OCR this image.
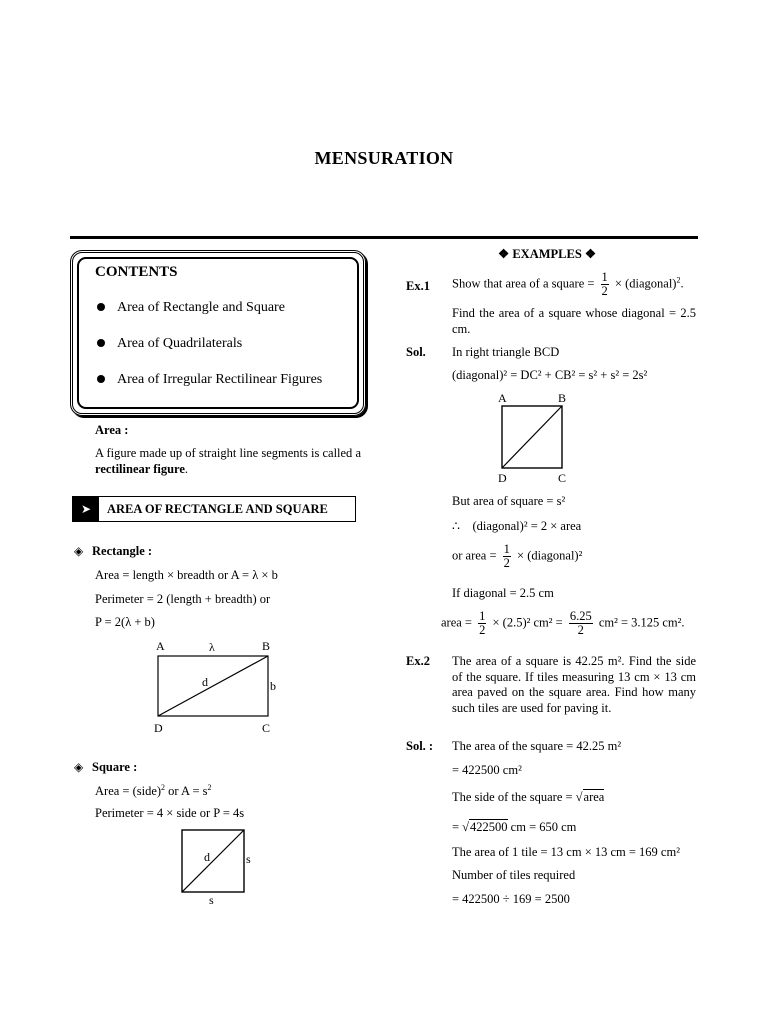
MENSURATION
CONTENTS
Area of Rectangle and Square
Area of Quadrilaterals
Area of Irregular Rectilinear Figures
Area :
A figure made up of straight line segments is called a rectilinear figure.
➤	AREA OF RECTANGLE AND SQUARE
◈ Rectangle :
Area = length × breadth or A = λ × b
Perimeter = 2 (length + breadth) or
P = 2(λ + b)
A	B
C
D
λ
d	b
◈ Square :
Area = (side)$^2$ or $A = s^2$
Perimeter = 4 × side or P = 4s
d	s
s
❖ EXAMPLES ❖
Ex.1 Show that area of a square = $\frac{1}{2}$ × (diagonal)$^2$.
Find the area of a square whose diagonal = 2.5 cm.
Sol. In right triangle BCD
(diagonal)² = DC² + CB² = s² + s² = 2s²
A	B
C
D
But area of square = s²
∴ (diagonal)² = 2 × area
or area = $\frac{1}{2}$ × (diagonal)²
If diagonal = 2.5 cm
area = $\frac{1}{2} \times (2.5)^2$ $cm^2 = \frac{6.25}{2} cm^2 = 3.125$ cm².
Ex.2 The area of a square is 42.25 m². Find the side of the square. If tiles measuring 13 cm × 13 cm area paved on the square area. Find how many such tiles are used for paving it.
Sol. : The area of the square = 42.25 m²
= 422500 cm²
The side of the square = √area
= √422500 cm = 650 cm
The area of 1 tile = 13 cm × 13 cm = 169 cm²
Number of tiles required
= 422500 ÷ 169 = 2500
